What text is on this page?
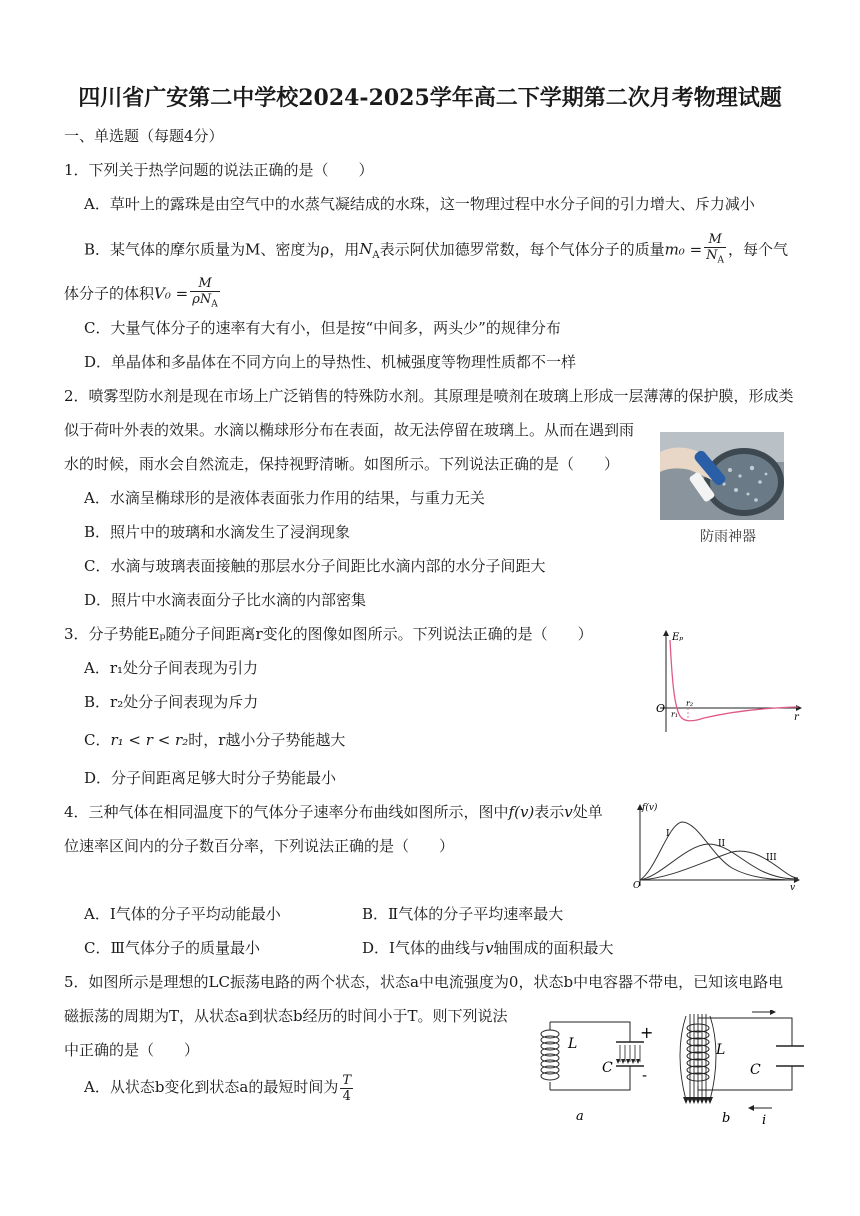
四川省广安第二中学校2024-2025学年高二下学期第二次月考物理试题
一、单选题（每题4分）
1．下列关于热学问题的说法正确的是（　　）
A．草叶上的露珠是由空气中的水蒸气凝结成的水珠，这一物理过程中水分子间的引力增大、斥力减小
B．某气体的摩尔质量为M、密度为ρ，用$N_A$表示阿伏加德罗常数，每个气体分子的质量$m_0 = \frac{M}{N_A}$ ，每个气
体分子的体积$V_0 = \frac{M}{\rho N_A}$
C．大量气体分子的速率有大有小，但是按“中间多，两头少”的规律分布
D．单晶体和多晶体在不同方向上的导热性、机械强度等物理性质都不一样
2．喷雾型防水剂是现在市场上广泛销售的特殊防水剂。其原理是喷剂在玻璃上形成一层薄薄的保护膜，形成类
似于荷叶外表的效果。水滴以椭球形分布在表面，故无法停留在玻璃上。从而在遇到雨
水的时候，雨水会自然流走，保持视野清晰。如图所示。下列说法正确的是（　　）
A．水滴呈椭球形的是液体表面张力作用的结果，与重力无关
B．照片中的玻璃和水滴发生了浸润现象
C．水滴与玻璃表面接触的那层水分子间距比水滴内部的水分子间距大
D．照片中水滴表面分子比水滴的内部密集
防雨神器
3．分子势能Eₚ随分子间距离r变化的图像如图所示。下列说法正确的是（　　）
A．r₁处分子间表现为引力
B．r₂处分子间表现为斥力
C．r₁ < r < r₂时，r越小分子势能越大
D．分子间距离足够大时分子势能最小
Eₚ
O
r
r₁
r₂
4．三种气体在相同温度下的气体分子速率分布曲线如图所示，图中f(v)表示v处单
位速率区间内的分子数百分率，下列说法正确的是（　　）
A．I气体的分子平均动能最小	B．Ⅱ气体的分子平均速率最大
C．Ⅲ气体分子的质量最小	D．Ⅰ气体的曲线与v轴围成的面积最大
f(v)
O	v
I
II
III
5．如图所示是理想的LC振荡电路的两个状态，状态a中电流强度为0，状态b中电容器不带电，已知该电路电
磁振荡的周期为T，从状态a到状态b经历的时间小于T。则下列说法
中正确的是（　　）
A．从状态b变化到状态a的最短时间为 $\frac{T}{4}$
L
C
+
-
a
L
C
b i
